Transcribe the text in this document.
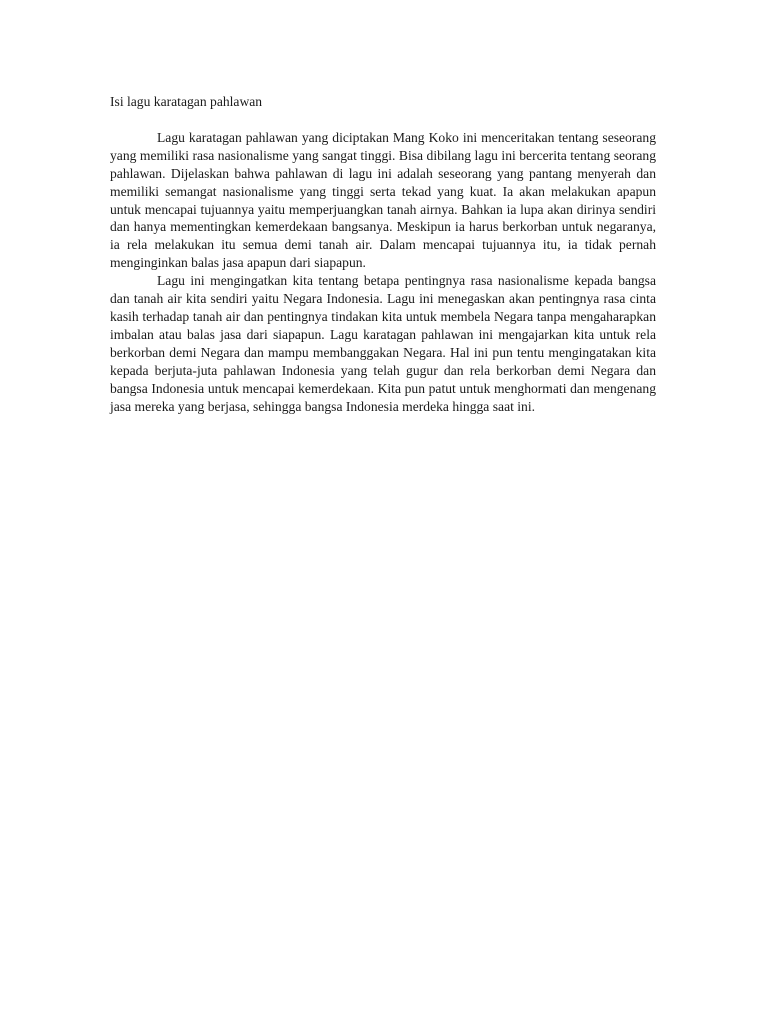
Isi lagu karatagan pahlawan

Lagu karatagan pahlawan yang diciptakan Mang Koko ini menceritakan tentang seseorang yang memiliki rasa nasionalisme yang sangat tinggi. Bisa dibilang lagu ini bercerita tentang seorang pahlawan. Dijelaskan bahwa pahlawan di lagu ini adalah seseorang yang pantang menyerah dan memiliki semangat nasionalisme yang tinggi serta tekad yang kuat. Ia akan melakukan apapun untuk mencapai tujuannya yaitu memperjuangkan tanah airnya. Bahkan ia lupa akan dirinya sendiri dan hanya mementingkan kemerdekaan bangsanya. Meskipun ia harus berkorban untuk negaranya, ia rela melakukan itu semua demi tanah air. Dalam mencapai tujuannya itu, ia tidak pernah menginginkan balas jasa apapun dari siapapun.

Lagu ini mengingatkan kita tentang betapa pentingnya rasa nasionalisme kepada bangsa dan tanah air kita sendiri yaitu Negara Indonesia. Lagu ini menegaskan akan pentingnya rasa cinta kasih terhadap tanah air dan pentingnya tindakan kita untuk membela Negara tanpa mengaharapkan imbalan atau balas jasa dari siapapun. Lagu karatagan pahlawan ini mengajarkan kita untuk rela berkorban demi Negara dan mampu membanggakan Negara. Hal ini pun tentu mengingatakan kita kepada berjuta-juta pahlawan Indonesia yang telah gugur dan rela berkorban demi Negara dan bangsa Indonesia untuk mencapai kemerdekaan. Kita pun patut untuk menghormati dan mengenang jasa mereka yang berjasa, sehingga bangsa Indonesia merdeka hingga saat ini.
